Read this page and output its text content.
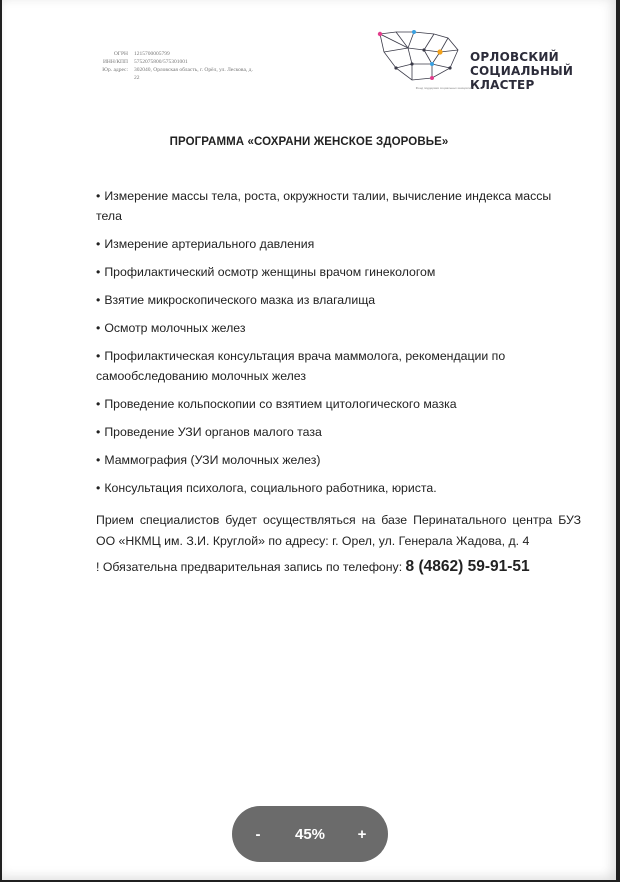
ОГРН	1215700005799
ИНН/КПП	5752075800/575301001
Юр. адрес:	302040, Орловская область, г. Орёл, ул. Лескова, д. 22
ОРЛОВСКИЙ
СОЦИАЛЬНЫЙ
КЛАСТЕР
Фонд поддержки социальных инициатив
ПРОГРАММА «СОХРАНИ ЖЕНСКОЕ ЗДОРОВЬЕ»
• Измерение массы тела, роста, окружности талии, вычисление индекса массы тела
• Измерение артериального давления
• Профилактический осмотр женщины врачом гинекологом
• Взятие микроскопического мазка из влагалища
• Осмотр молочных желез
• Профилактическая консультация врача маммолога, рекомендации по самообследованию молочных желез
• Проведение кольпоскопии со взятием цитологического мазка
• Проведение УЗИ органов малого таза
• Маммография (УЗИ молочных желез)
• Консультация психолога, социального работника, юриста.
Прием специалистов будет осуществляться на базе Перинатального центра БУЗ ОО «НКМЦ им. З.И. Круглой» по адресу: г. Орел, ул. Генерала Жадова, д. 4
! Обязательна предварительная запись по телефону: 8 (4862) 59-91-51
-	45%	+
